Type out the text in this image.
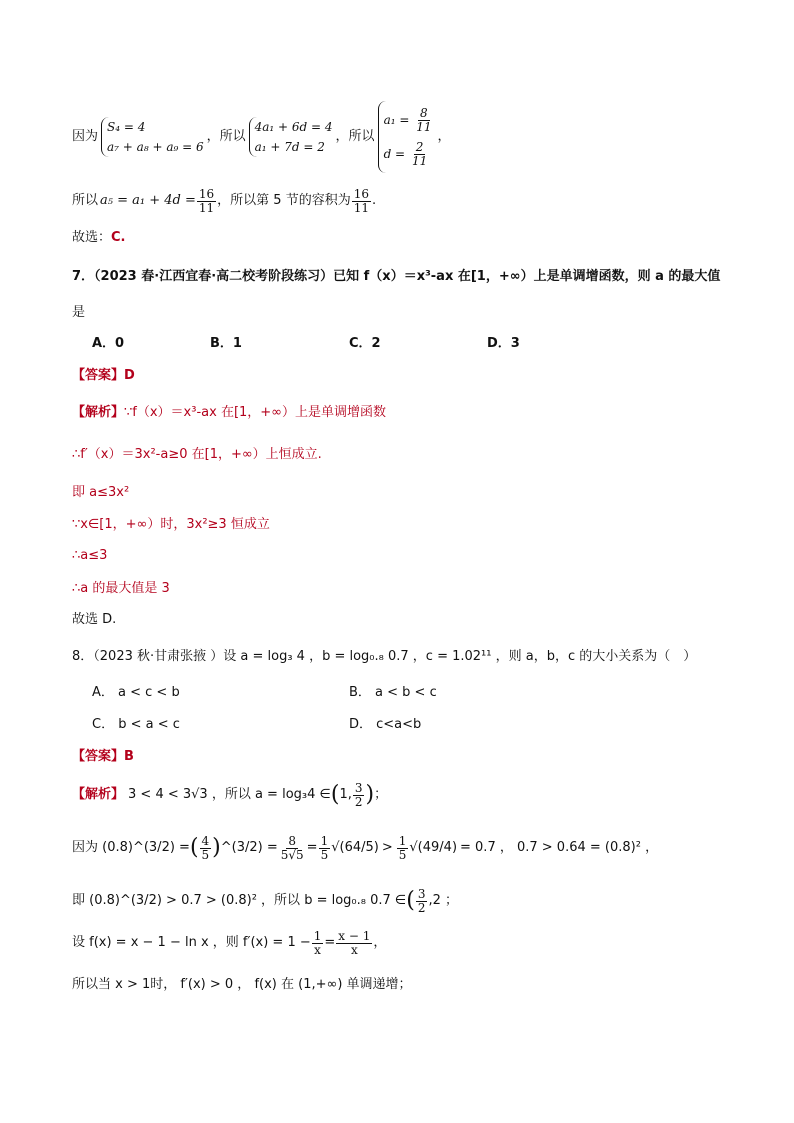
因为
S₄ = 4
a₇ + a₈ + a₉ = 6
，所以
4a₁ + 6d = 4
a₁ + 7d = 2
，所以
$a_1 = \frac{8}{11}$
$d = \frac{2}{11}$
，
所以 $a_5 = a_1 + 4d = \frac{16}{11}$ ，所以第 5 节的容积为 $\frac{16}{11}$ .
故选：C.
7．（2023 春·江西宜春·高二校考阶段练习）已知 f（x）＝x³-ax 在[1，+∞）上是单调增函数，则 a 的最大值
是
A．0	B．1	C．2	D．3
【答案】D
【解析】∵f（x）＝x³-ax 在[1，+∞）上是单调增函数
∴f′（x）＝3x²-a≥0 在[1，+∞）上恒成立.
即 a≤3x²
∵x∈[1，+∞）时，3x²≥3 恒成立
∴a≤3
∴a 的最大值是 3
故选 D.
8．（2023 秋·甘肃张掖 ）设 a = log₃ 4 ，b = log₀.₈ 0.7 ，c = 1.02¹¹ ，则 a，b，c 的大小关系为（　）
A． a < c < b	B． a < b < c
C． b < a < c	D． c<a<b
【答案】B
【解析】 3 < 4 < 3√3 ，所以 a = log₃4 ∈ ( 1, $\frac{3}{2}$ ) ；
因为 (0.8)^(3/2) = ( $\frac{4}{5}$ ) ^(3/2) = $\frac{8}{5√5} = \frac{1}{5} √(64/5) > \frac{1}{5} √(49/4) = 0.7$ ， 0.7 > 0.64 = (0.8)² ，
即 (0.8)^(3/2) > 0.7 > (0.8)² ，所以 b = log₀.₈ 0.7 ∈ ( $\frac{3}{2} ,2$ ；
设 f(x) = x − 1 − ln x ，则 $f'(x) = 1 - \frac{1}{x} = \frac{x - 1}{x}$ ，
所以当 x > 1时， f′(x) > 0 ， f(x) 在 (1,+∞) 单调递增；
